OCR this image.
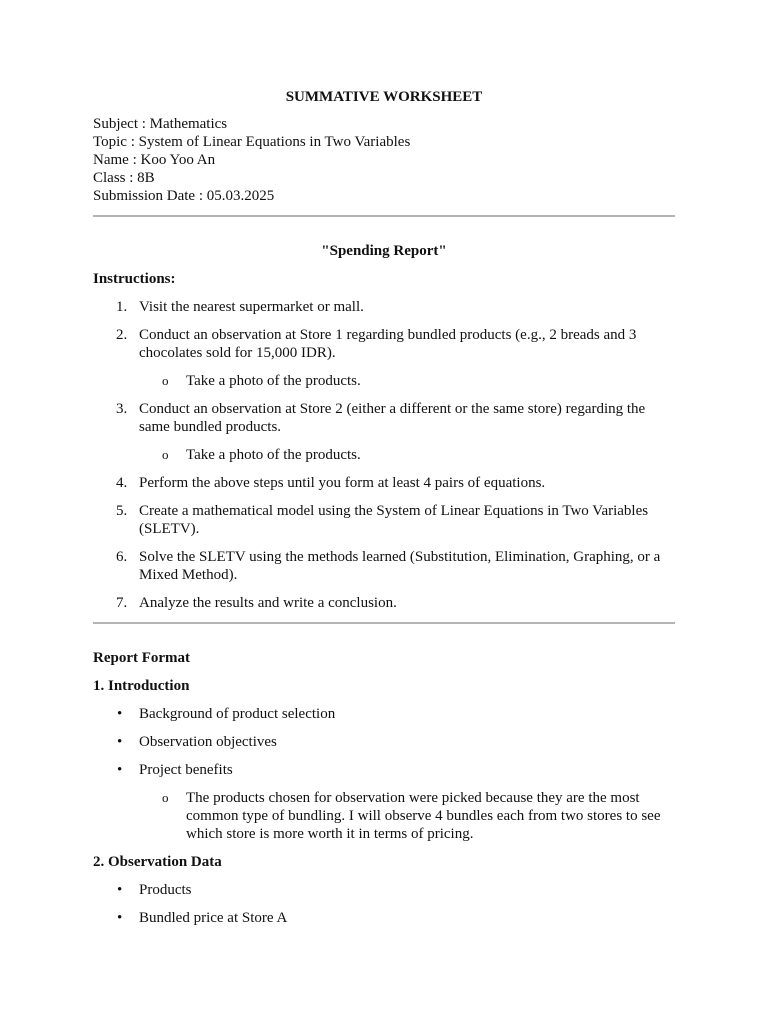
SUMMATIVE WORKSHEET
Subject : Mathematics
Topic : System of Linear Equations in Two Variables
Name : Koo Yoo An
Class : 8B
Submission Date : 05.03.2025
"Spending Report"
Instructions:
1. Visit the nearest supermarket or mall.
2. Conduct an observation at Store 1 regarding bundled products (e.g., 2 breads and 3 chocolates sold for 15,000 IDR).
o Take a photo of the products.
3. Conduct an observation at Store 2 (either a different or the same store) regarding the same bundled products.
o Take a photo of the products.
4. Perform the above steps until you form at least 4 pairs of equations.
5. Create a mathematical model using the System of Linear Equations in Two Variables (SLETV).
6. Solve the SLETV using the methods learned (Substitution, Elimination, Graphing, or a Mixed Method).
7. Analyze the results and write a conclusion.
Report Format
1. Introduction
• Background of product selection
• Observation objectives
• Project benefits
o The products chosen for observation were picked because they are the most common type of bundling. I will observe 4 bundles each from two stores to see which store is more worth it in terms of pricing.
2. Observation Data
• Products
• Bundled price at Store A
